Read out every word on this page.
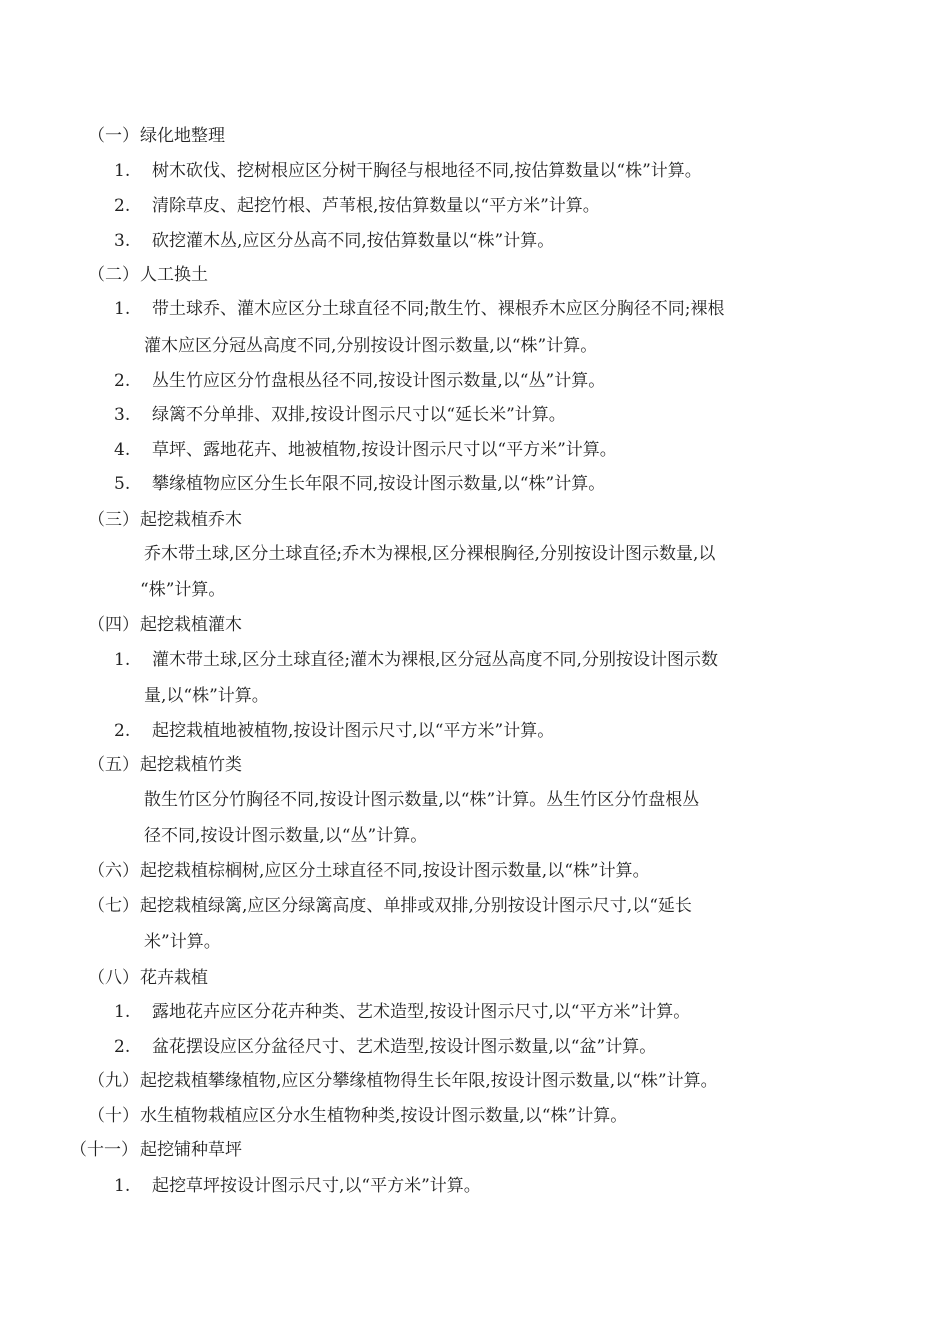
（一） 绿化地整理
1. 树木砍伐、挖树根应区分树干胸径与根地径不同,按估算数量以“株”计算。
2. 清除草皮、起挖竹根、芦苇根,按估算数量以“平方米”计算。
3. 砍挖灌木丛,应区分丛高不同,按估算数量以“株”计算。
（二） 人工换土
1. 带土球乔、灌木应区分土球直径不同;散生竹、裸根乔木应区分胸径不同;裸根
灌木应区分冠丛高度不同,分别按设计图示数量,以“株”计算。
2. 丛生竹应区分竹盘根丛径不同,按设计图示数量,以“丛”计算。
3. 绿篱不分单排、双排,按设计图示尺寸以“延长米”计算。
4. 草坪、露地花卉、地被植物,按设计图示尺寸以“平方米”计算。
5. 攀缘植物应区分生长年限不同,按设计图示数量,以“株”计算。
（三） 起挖栽植乔木
乔木带土球,区分土球直径;乔木为裸根,区分裸根胸径,分别按设计图示数量,以
“株”计算。
（四） 起挖栽植灌木
1. 灌木带土球,区分土球直径;灌木为裸根,区分冠丛高度不同,分别按设计图示数
量,以“株”计算。
2. 起挖栽植地被植物,按设计图示尺寸,以“平方米”计算。
（五） 起挖栽植竹类
散生竹区分竹胸径不同,按设计图示数量,以“株”计算。丛生竹区分竹盘根丛
径不同,按设计图示数量,以“丛”计算。
（六） 起挖栽植棕榈树,应区分土球直径不同,按设计图示数量,以“株”计算。
（七） 起挖栽植绿篱,应区分绿篱高度、单排或双排,分别按设计图示尺寸,以“延长
米”计算。
（八） 花卉栽植
1. 露地花卉应区分花卉种类、艺术造型,按设计图示尺寸,以“平方米”计算。
2. 盆花摆设应区分盆径尺寸、艺术造型,按设计图示数量,以“盆”计算。
（九） 起挖栽植攀缘植物,应区分攀缘植物得生长年限,按设计图示数量,以“株”计算。
（十） 水生植物栽植应区分水生植物种类,按设计图示数量,以“株”计算。
（十一） 起挖铺种草坪
1. 起挖草坪按设计图示尺寸,以“平方米”计算。
